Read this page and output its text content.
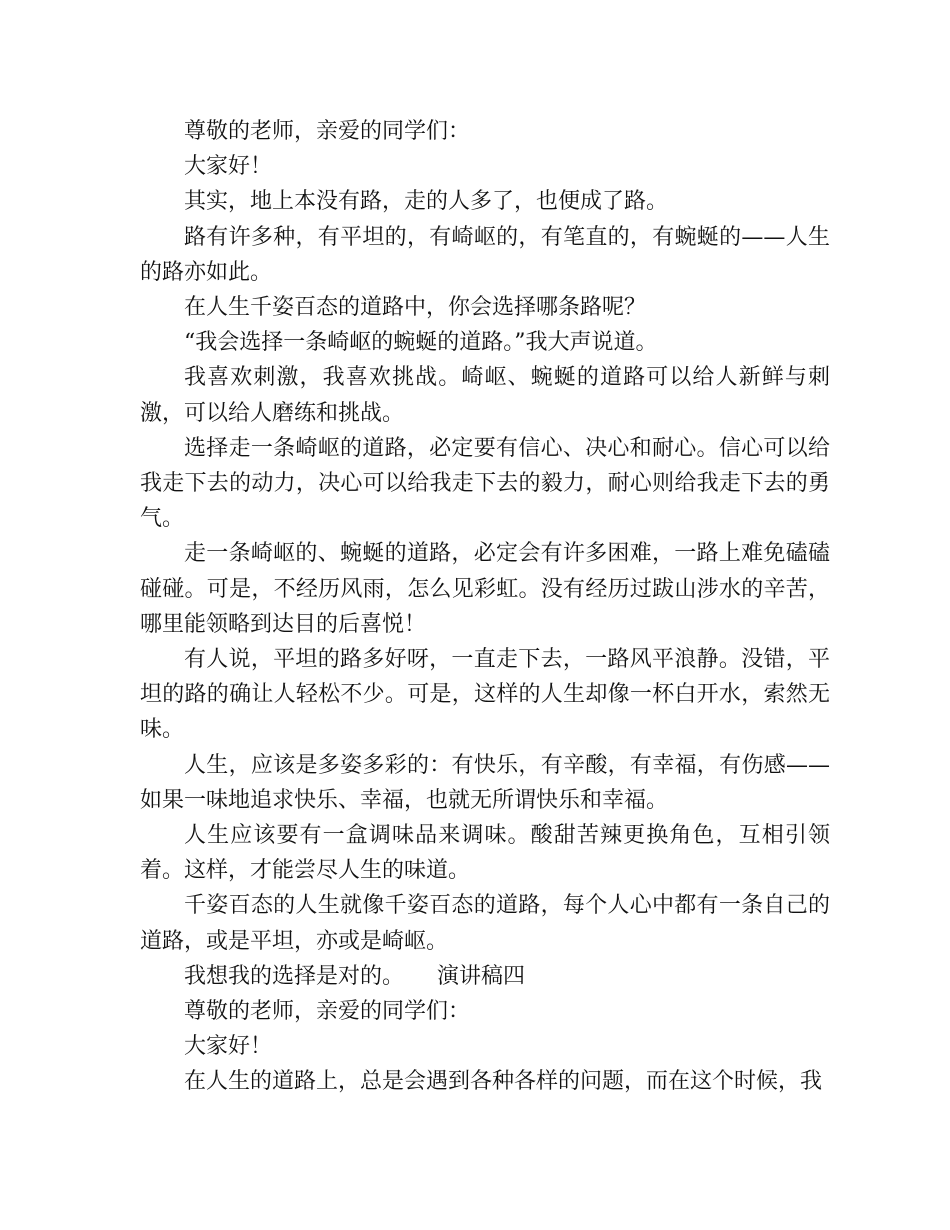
尊敬的老师，亲爱的同学们：

大家好！

其实，地上本没有路，走的人多了，也便成了路。

路有许多种，有平坦的，有崎岖的，有笔直的，有蜿蜒的——人生的路亦如此。

在人生千姿百态的道路中，你会选择哪条路呢？

“我会选择一条崎岖的蜿蜒的道路。”我大声说道。

我喜欢刺激，我喜欢挑战。崎岖、蜿蜒的道路可以给人新鲜与刺激，可以给人磨练和挑战。

选择走一条崎岖的道路，必定要有信心、决心和耐心。信心可以给我走下去的动力，决心可以给我走下去的毅力，耐心则给我走下去的勇气。

走一条崎岖的、蜿蜒的道路，必定会有许多困难，一路上难免磕磕碰碰。可是，不经历风雨，怎么见彩虹。没有经历过跋山涉水的辛苦，哪里能领略到达目的后喜悦！

有人说，平坦的路多好呀，一直走下去，一路风平浪静。没错，平坦的路的确让人轻松不少。可是，这样的人生却像一杯白开水，索然无味。

人生，应该是多姿多彩的：有快乐，有辛酸，有幸福，有伤感——如果一味地追求快乐、幸福，也就无所谓快乐和幸福。

人生应该要有一盒调味品来调味。酸甜苦辣更换角色，互相引领着。这样，才能尝尽人生的味道。

千姿百态的人生就像千姿百态的道路，每个人心中都有一条自己的道路，或是平坦，亦或是崎岖。

我想我的选择是对的。　　演讲稿四

尊敬的老师，亲爱的同学们：

大家好！

在人生的道路上，总是会遇到各种各样的问题，而在这个时候，我
